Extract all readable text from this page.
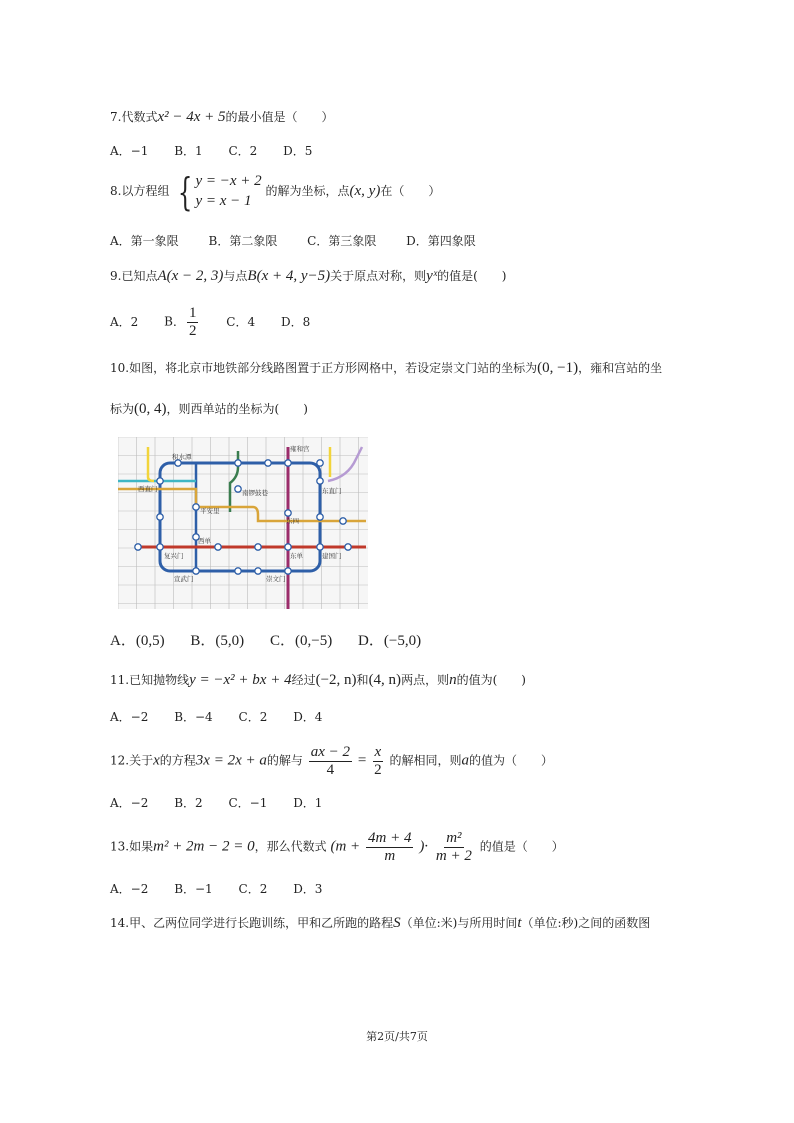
7.代数式x² − 4x + 5的最小值是（　　）
A．−1 B．1 C．2 D．5
8.以方程组 { y = −x + 2
y = x − 1
的解为坐标，点(x, y)在（　　）
A．第一象限 B．第二象限 C．第三象限 D．第四象限
9.已知点A(x − 2, 3)与点B(x + 4, y−5)关于原点对称，则yˣ的值是(　　)
A．2 B． $\frac{1}{2}$ C．4 D．8
10.如图，将北京市地铁部分线路图置于正方形网格中，若设定崇文门站的坐标为(0, −1)，雍和宫站的坐
标为(0, 4)，则西单站的坐标为(　　)
积水潭
雍和宫
西直门	东直门
南锣鼓巷
平安里
东四
西单
复兴门	东单	建国门
宣武门	崇文门
A．(0,5) B．(5,0) C．(0,−5) D．(−5,0)
11.已知抛物线y = −x² + bx + 4经过(−2, n)和(4, n)两点，则n的值为(　　)
A．−2 B．−4 C．2 D．4
12.关于x的方程3x = 2x + a的解与 $\frac{ax - 2}{4} = \frac{x}{2}$ 的解相同，则a的值为（　　）
A．−2 B．2 C．−1 D．1
13.如果m² + 2m − 2 = 0，那么代数式 ($m + \frac{4m + 4}{m}$ )· $\frac{\text{m²}}{m + 2}$ 的值是（　　）
A．−2 B．−1 C．2 D．3
14.甲、乙两位同学进行长跑训练，甲和乙所跑的路程S（单位:米)与所用时间t（单位:秒)之间的函数图
第2页/共7页
